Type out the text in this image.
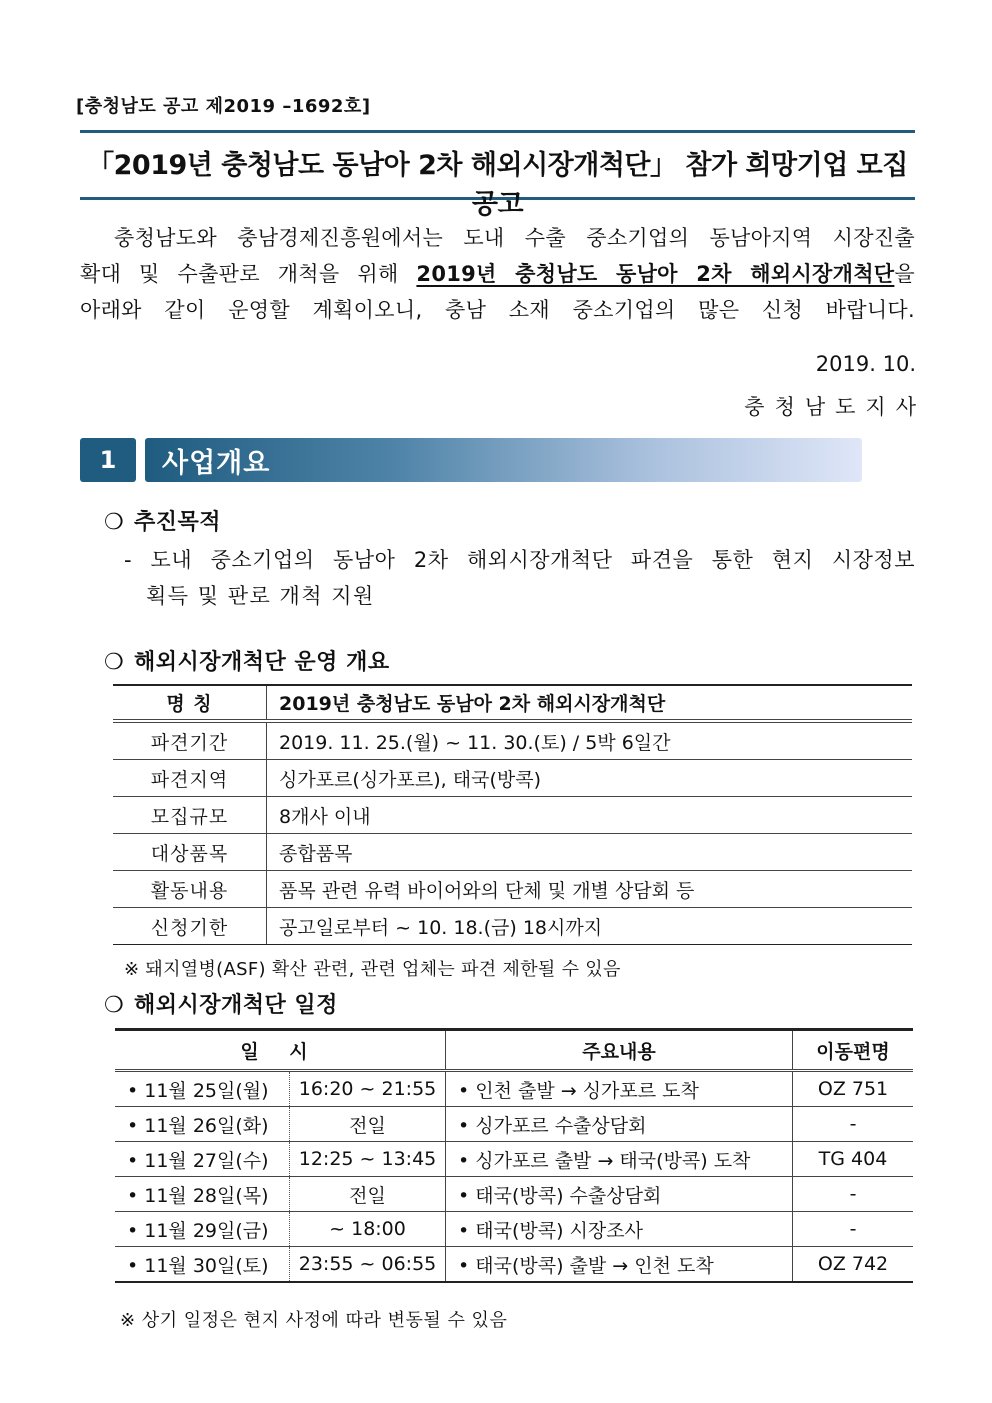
[충청남도 공고 제2019 –1692호]
「2019년 충청남도 동남아 2차 해외시장개척단」 참가 희망기업 모집 공고
충청남도와 충남경제진흥원에서는 도내 수출 중소기업의 동남아지역 시장진출
확대 및 수출판로 개척을 위해 2019년 충청남도 동남아 2차 해외시장개척단을
아래와 같이 운영할 계획이오니, 충남 소재 중소기업의 많은 신청 바랍니다.
2019. 10.
충청남도지사
1	사업개요
❍ 추진목적
- 도내 중소기업의 동남아 2차 해외시장개척단 파견을 통한 현지 시장정보
획득 및 판로 개척 지원
❍ 해외시장개척단 운영 개요
명 칭	2019년 충청남도 동남아 2차 해외시장개척단
파견기간	2019. 11. 25.(월) ~ 11. 30.(토) / 5박 6일간
파견지역	싱가포르(싱가포르), 태국(방콕)
모집규모	8개사 이내
대상품목	종합품목
활동내용	품목 관련 유력 바이어와의 단체 및 개별 상담회 등
신청기한	공고일로부터 ~ 10. 18.(금) 18시까지
※ 돼지열병(ASF) 확산 관련, 관련 업체는 파견 제한될 수 있음
❍ 해외시장개척단 일정
일 시		주요내용	이동편명
• 11월 25일(월)	16:20 ~ 21:55	• 인천 출발 → 싱가포르 도착	OZ 751
• 11월 26일(화)	전일	• 싱가포르 수출상담회	-
• 11월 27일(수)	12:25 ~ 13:45	• 싱가포르 출발 → 태국(방콕) 도착	TG 404
• 11월 28일(목)	전일	• 태국(방콕) 수출상담회	-
• 11월 29일(금)	~ 18:00	• 태국(방콕) 시장조사	-
• 11월 30일(토)	23:55 ~ 06:55	• 태국(방콕) 출발 → 인천 도착	OZ 742
※ 상기 일정은 현지 사정에 따라 변동될 수 있음
